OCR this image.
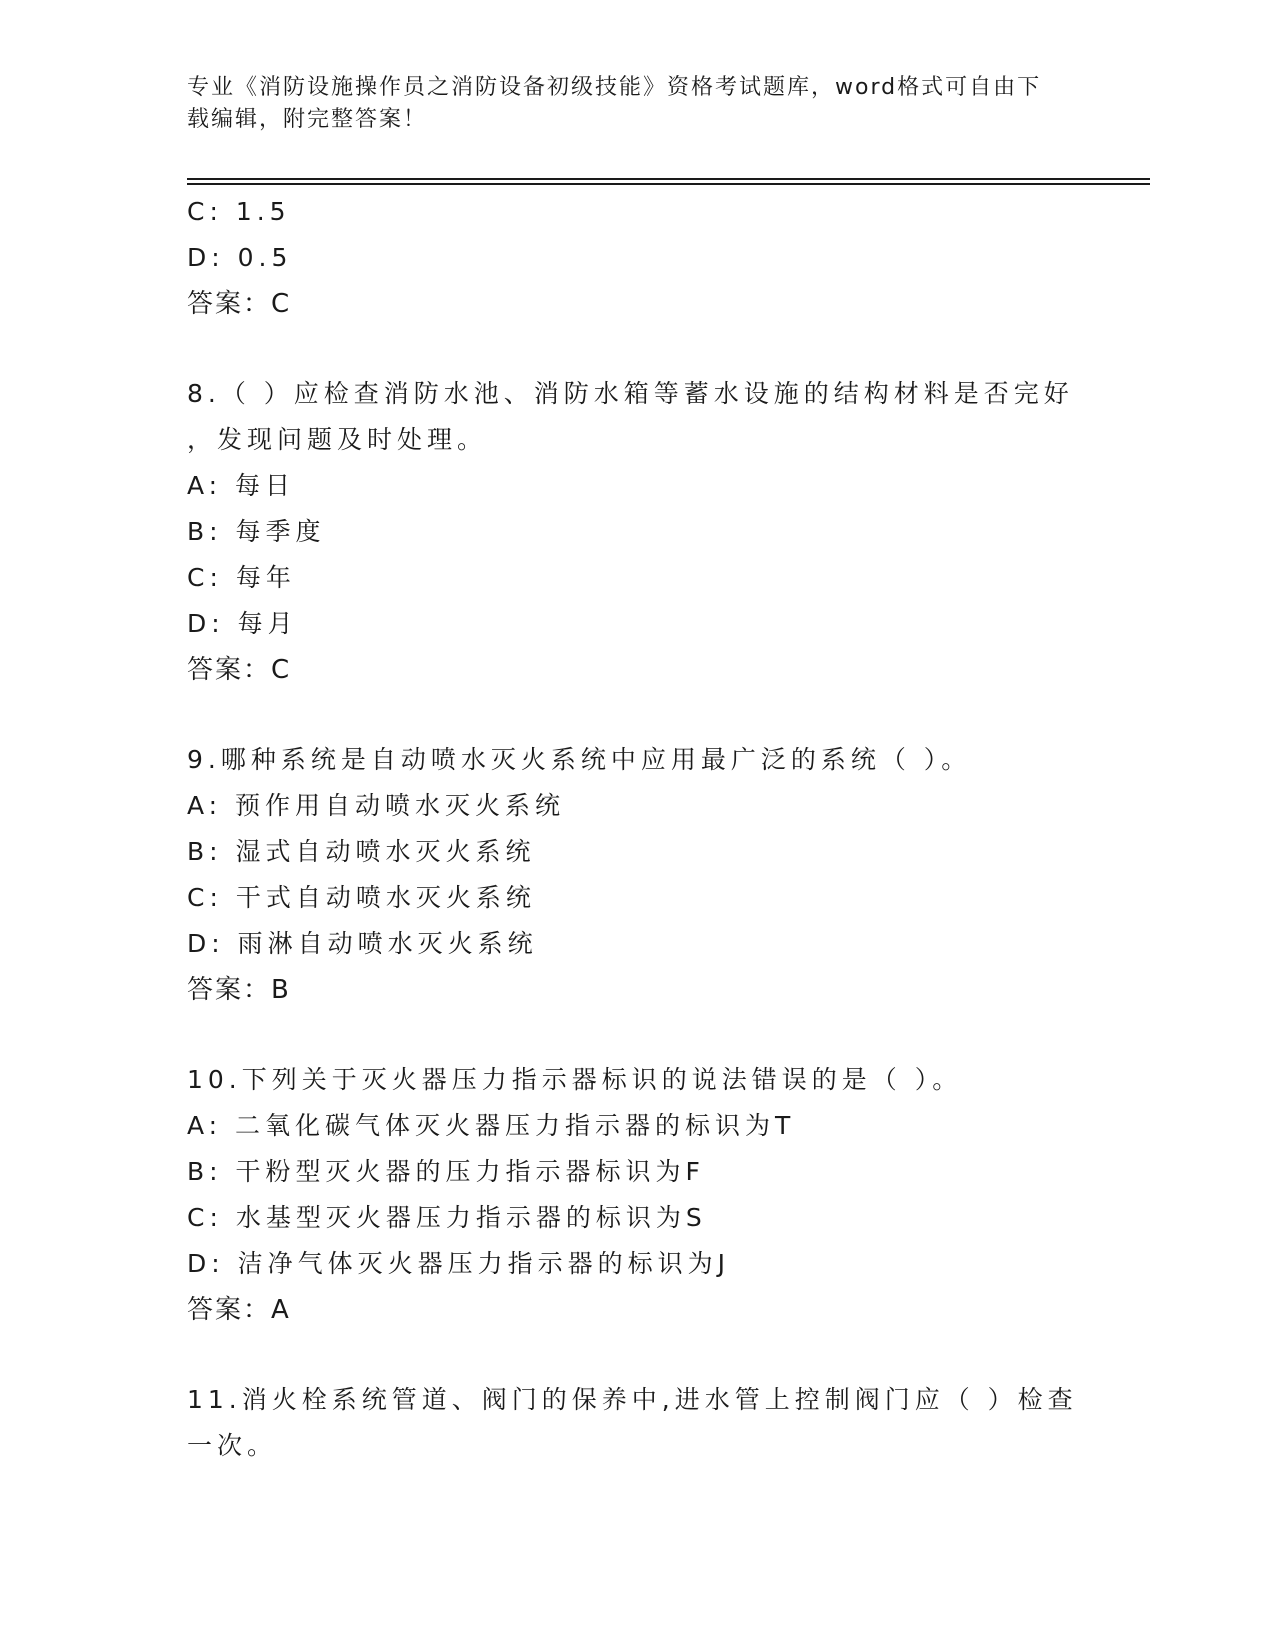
专业《消防设施操作员之消防设备初级技能》资格考试题库，word格式可自由下
载编辑，附完整答案！
C: 1.5
D: 0.5
答案：C
8.（ ）应检查消防水池、消防水箱等蓄水设施的结构材料是否完好
，发现问题及时处理。
A: 每日
B: 每季度
C: 每年
D: 每月
答案：C
9.哪种系统是自动喷水灭火系统中应用最广泛的系统（ ）。
A: 预作用自动喷水灭火系统
B: 湿式自动喷水灭火系统
C: 干式自动喷水灭火系统
D: 雨淋自动喷水灭火系统
答案：B
10.下列关于灭火器压力指示器标识的说法错误的是（ ）。
A: 二氧化碳气体灭火器压力指示器的标识为T
B: 干粉型灭火器的压力指示器标识为F
C: 水基型灭火器压力指示器的标识为S
D: 洁净气体灭火器压力指示器的标识为J
答案：A
11.消火栓系统管道、阀门的保养中,进水管上控制阀门应（ ）检查
一次。
